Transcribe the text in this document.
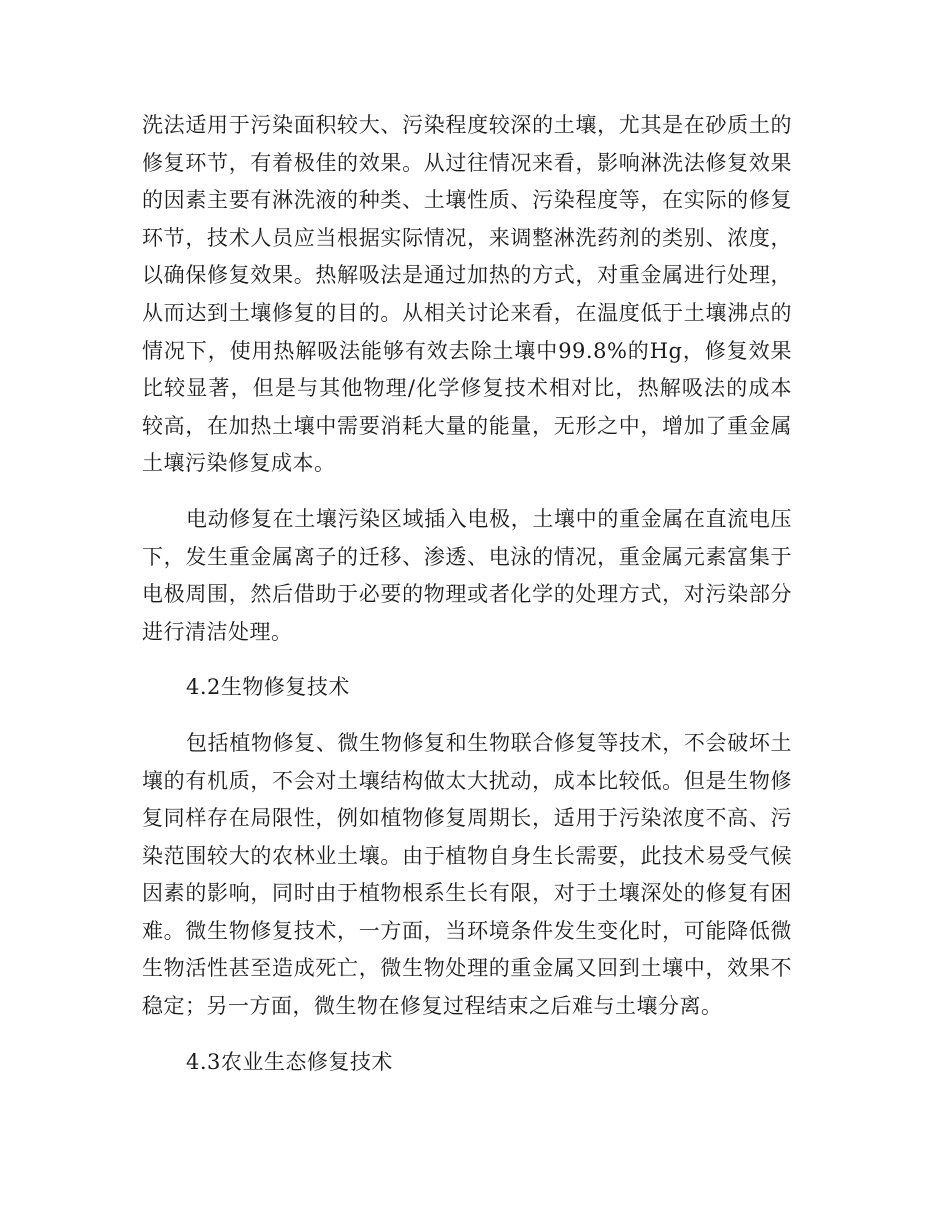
洗法适用于污染面积较大、污染程度较深的土壤，尤其是在砂质土的修复环节，有着极佳的效果。从过往情况来看，影响淋洗法修复效果的因素主要有淋洗液的种类、土壤性质、污染程度等，在实际的修复环节，技术人员应当根据实际情况，来调整淋洗药剂的类别、浓度，以确保修复效果。热解吸法是通过加热的方式，对重金属进行处理，从而达到土壤修复的目的。从相关讨论来看，在温度低于土壤沸点的情况下，使用热解吸法能够有效去除土壤中99.8%的Hg，修复效果比较显著，但是与其他物理/化学修复技术相对比，热解吸法的成本较高，在加热土壤中需要消耗大量的能量，无形之中，增加了重金属土壤污染修复成本。

电动修复在土壤污染区域插入电极，土壤中的重金属在直流电压下，发生重金属离子的迁移、渗透、电泳的情况，重金属元素富集于电极周围，然后借助于必要的物理或者化学的处理方式，对污染部分进行清洁处理。

4.2生物修复技术

包括植物修复、微生物修复和生物联合修复等技术，不会破坏土壤的有机质，不会对土壤结构做太大扰动，成本比较低。但是生物修复同样存在局限性，例如植物修复周期长，适用于污染浓度不高、污染范围较大的农林业土壤。由于植物自身生长需要，此技术易受气候因素的影响，同时由于植物根系生长有限，对于土壤深处的修复有困难。微生物修复技术，一方面，当环境条件发生变化时，可能降低微生物活性甚至造成死亡，微生物处理的重金属又回到土壤中，效果不稳定；另一方面，微生物在修复过程结束之后难与土壤分离。

4.3农业生态修复技术
